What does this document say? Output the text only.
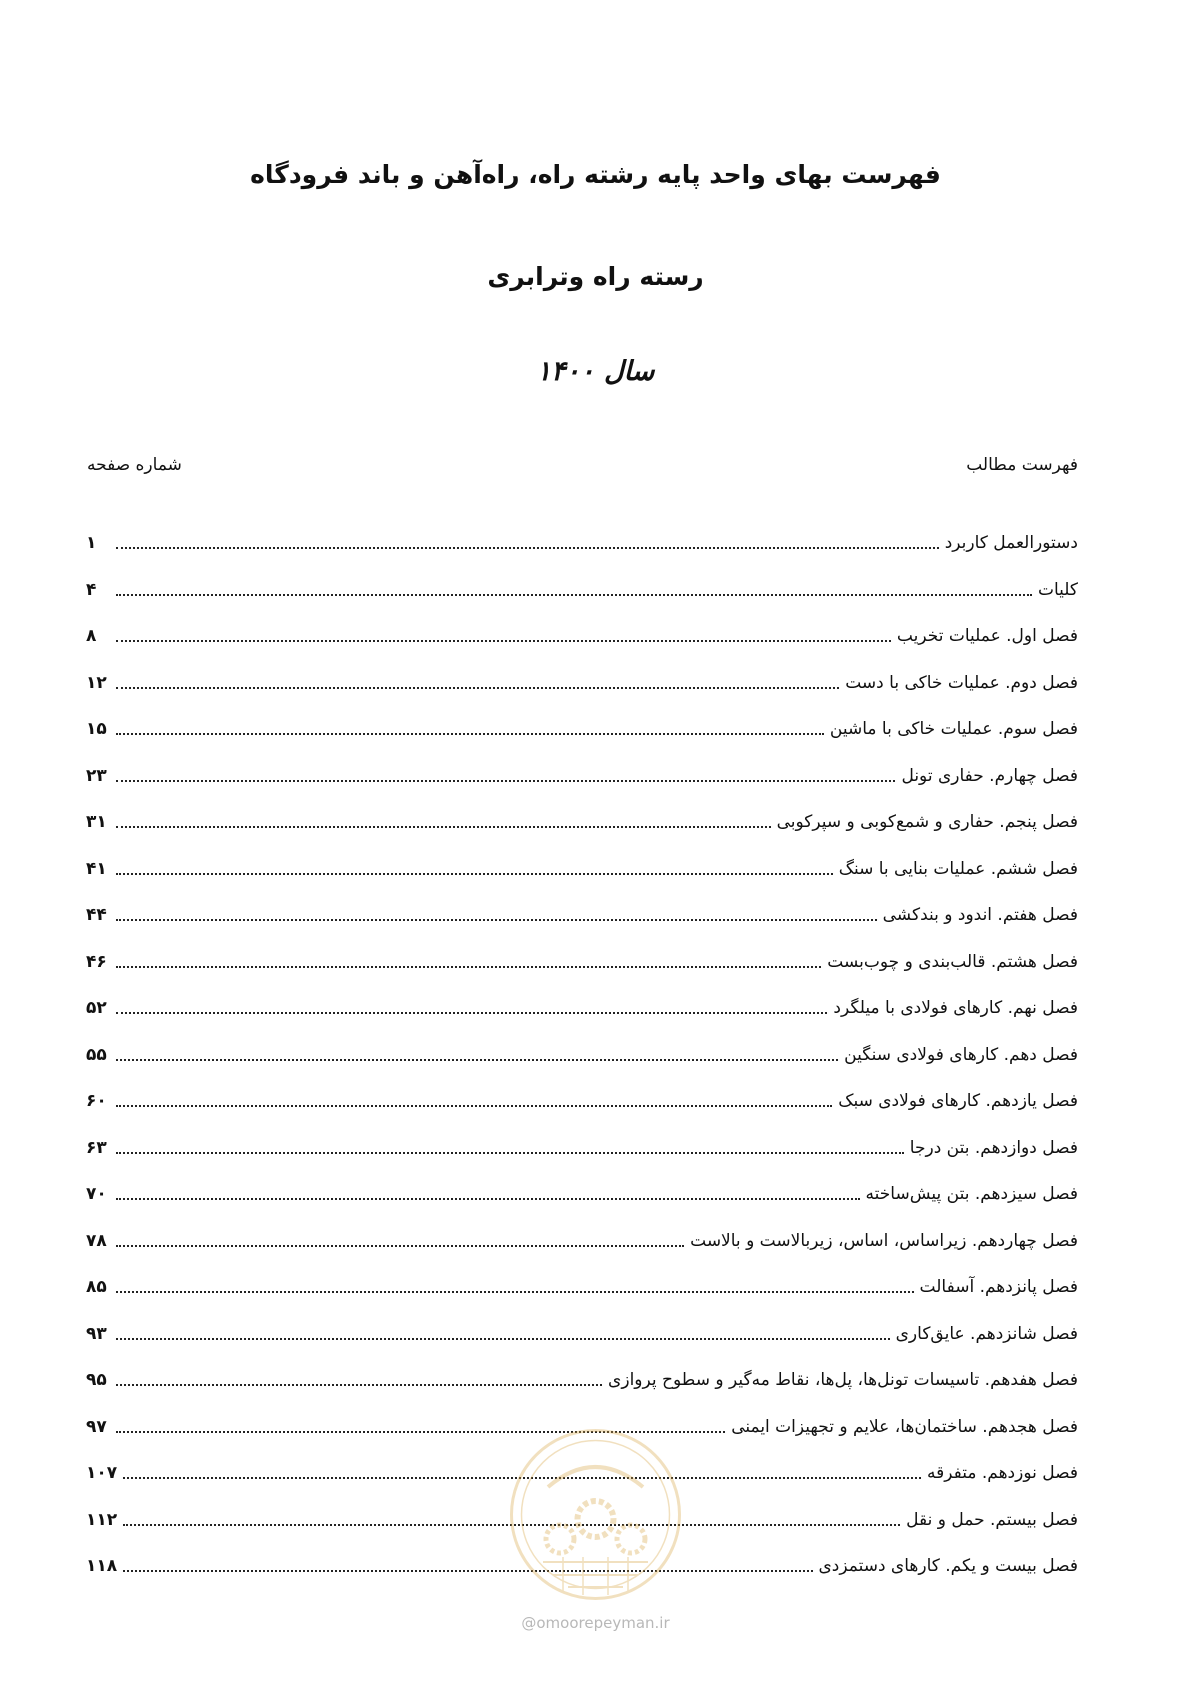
فهرست بهای واحد پایه رشته راه، راه‌آهن و باند فرودگاه
رسته راه وترابری
سال ۱۴۰۰
فهرست مطالب
شماره صفحه
دستورالعمل کاربرد
۱
کلیات
۴
فصل اول. عملیات تخریب
۸
فصل دوم. عملیات خاکی با دست
۱۲
فصل سوم. عملیات خاکی با ماشین
۱۵
فصل چهارم. حفاری تونل
۲۳
فصل پنجم. حفاری و شمع‌کوبی و سپرکوبی
۳۱
فصل ششم. عملیات بنایی با سنگ
۴۱
فصل هفتم. اندود و بندکشی
۴۴
فصل هشتم. قالب‌بندی و چوب‌بست
۴۶
فصل نهم. کارهای فولادی با میلگرد
۵۲
فصل دهم. کارهای فولادی سنگین
۵۵
فصل یازدهم. کارهای فولادی سبک
۶۰
فصل دوازدهم. بتن درجا
۶۳
فصل سیزدهم. بتن پیش‌ساخته
۷۰
فصل چهاردهم. زیراساس، اساس، زیربالاست و بالاست
۷۸
فصل پانزدهم. آسفالت
۸۵
فصل شانزدهم. عایق‌کاری
۹۳
فصل هفدهم. تاسیسات تونل‌ها، پل‌ها، نقاط مه‌گیر و سطوح پروازی
۹۵
فصل هجدهم. ساختمان‌ها، علایم و تجهیزات ایمنی
۹۷
فصل نوزدهم. متفرقه
۱۰۷
فصل بیستم. حمل و نقل
۱۱۲
فصل بیست و یکم. کارهای دستمزدی
۱۱۸
@omoorepeyman.ir
